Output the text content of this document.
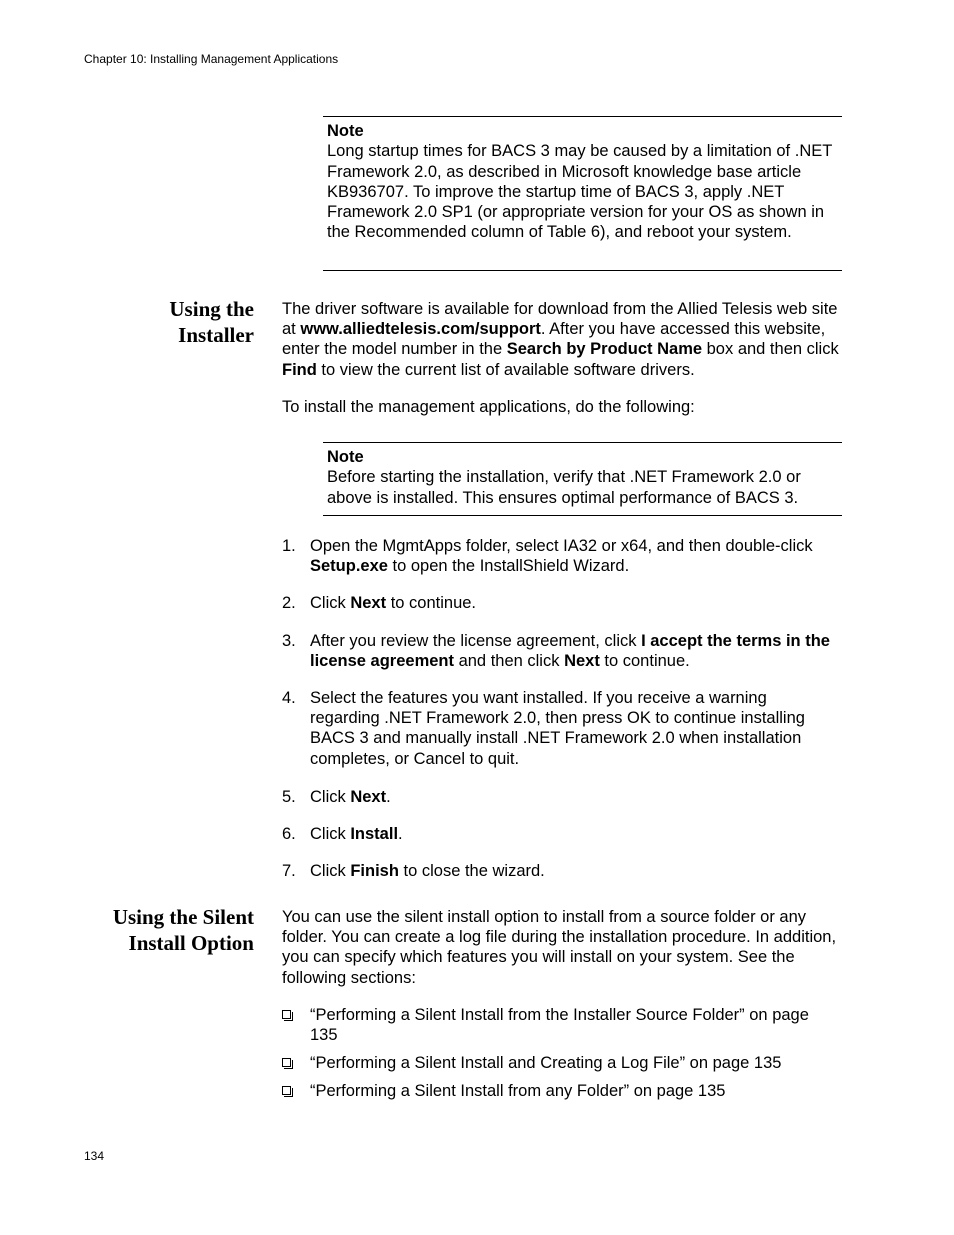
Chapter 10: Installing Management Applications
Note
Long startup times for BACS 3 may be caused by a limitation of .NET Framework 2.0, as described in Microsoft knowledge base article KB936707. To improve the startup time of BACS 3, apply .NET Framework 2.0 SP1 (or appropriate version for your OS as shown in the Recommended column of Table 6), and reboot your system.
Using the
Installer

The driver software is available for download from the Allied Telesis web site at www.alliedtelesis.com/support. After you have accessed this website, enter the model number in the Search by Product Name box and then click Find to view the current list of available software drivers.

To install the management applications, do the following:

Note
Before starting the installation, verify that .NET Framework 2.0 or above is installed. This ensures optimal performance of BACS 3.
1. Open the MgmtApps folder, select IA32 or x64, and then double-click Setup.exe to open the InstallShield Wizard.
2. Click Next to continue.
3. After you review the license agreement, click I accept the terms in the license agreement and then click Next to continue.
4. Select the features you want installed. If you receive a warning regarding .NET Framework 2.0, then press OK to continue installing BACS 3 and manually install .NET Framework 2.0 when installation completes, or Cancel to quit.
5. Click Next.
6. Click Install.
7. Click Finish to close the wizard.
Using the Silent
Install Option

You can use the silent install option to install from a source folder or any folder. You can create a log file during the installation procedure. In addition, you can specify which features you will install on your system. See the following sections:

“Performing a Silent Install from the Installer Source Folder” on page 135
“Performing a Silent Install and Creating a Log File” on page 135
“Performing a Silent Install from any Folder” on page 135
134
